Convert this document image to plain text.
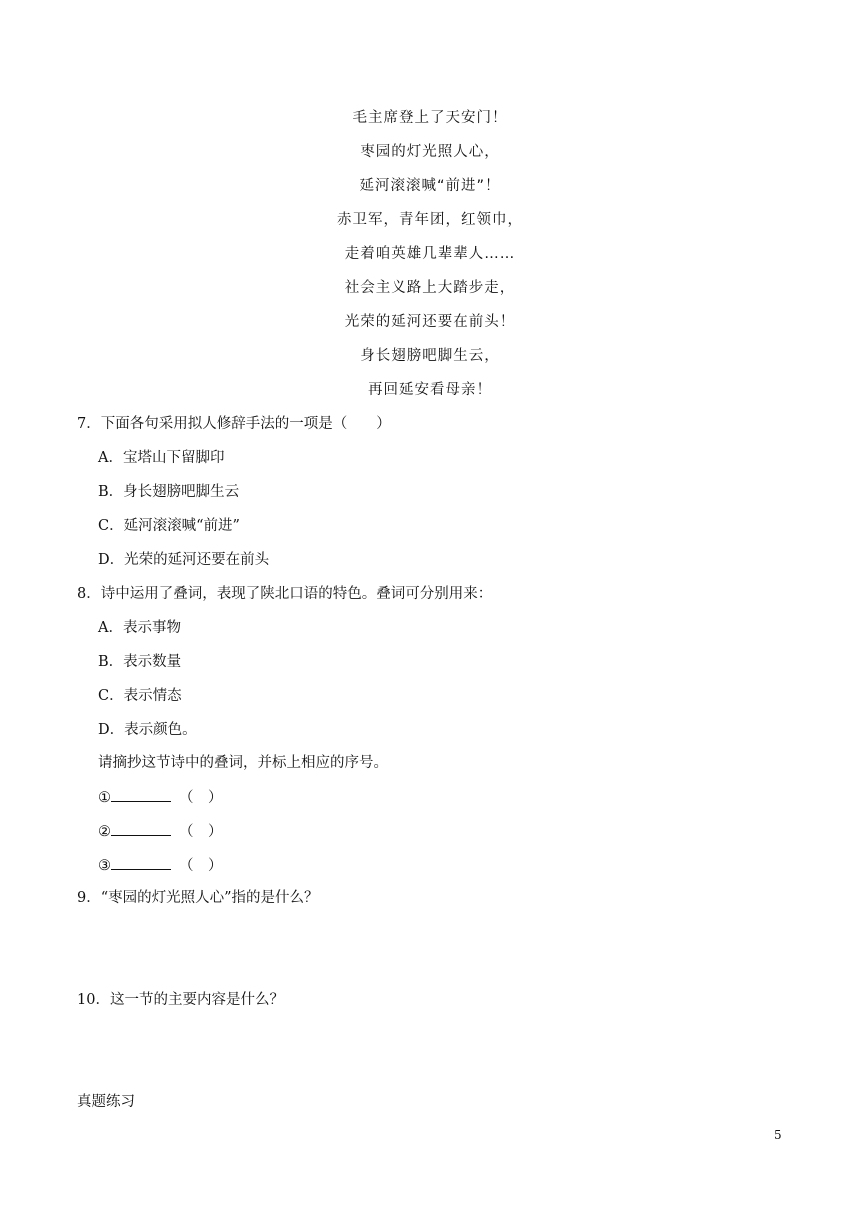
毛主席登上了天安门！
枣园的灯光照人心，
延河滚滚喊“前进”！
赤卫军，青年团，红领巾，
走着咱英雄几辈辈人……
社会主义路上大踏步走，
光荣的延河还要在前头！
身长翅膀吧脚生云，
再回延安看母亲！
7．下面各句采用拟人修辞手法的一项是（　　）
A．宝塔山下留脚印
B．身长翅膀吧脚生云
C．延河滚滚喊“前进”
D．光荣的延河还要在前头
8．诗中运用了叠词，表现了陕北口语的特色。叠词可分别用来：
A．表示事物
B．表示数量
C．表示情态
D．表示颜色。
请摘抄这节诗中的叠词，并标上相应的序号。
①	（　）
②	（　）
③	（　）
9．“枣园的灯光照人心”指的是什么？
10．这一节的主要内容是什么？
真题练习
5
